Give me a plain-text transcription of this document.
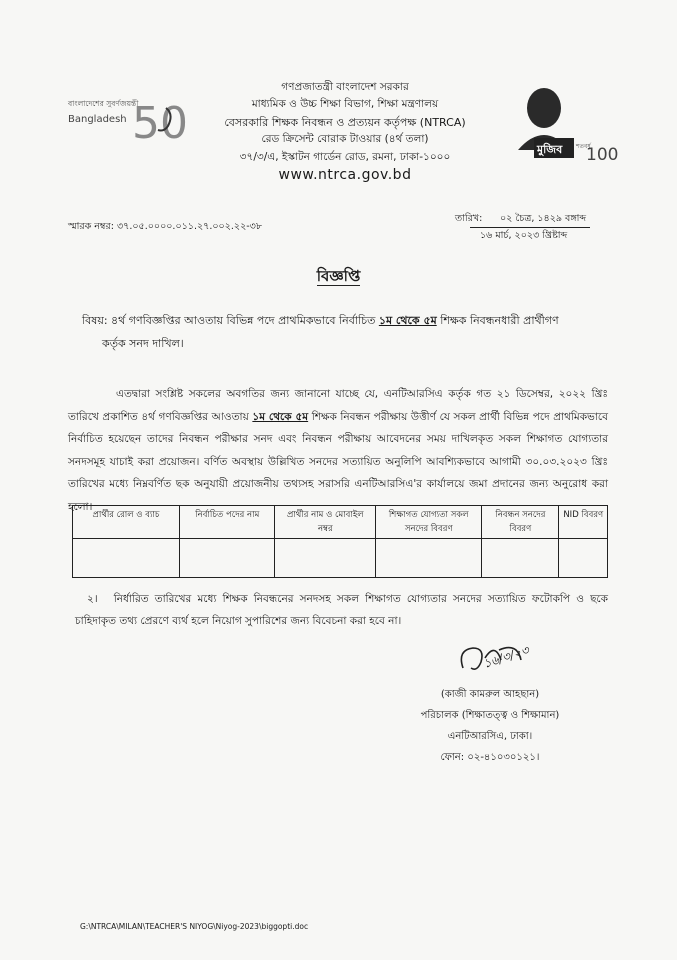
বাংলাদেশের সুবর্ণজয়ন্তী
Bangladesh 50
গণপ্রজাতন্ত্রী বাংলাদেশ সরকার
মাধ্যমিক ও উচ্চ শিক্ষা বিভাগ, শিক্ষা মন্ত্রণালয়
বেসরকারি শিক্ষক নিবন্ধন ও প্রত্যয়ন কর্তৃপক্ষ (NTRCA)
রেড ক্রিসেন্ট বোরাক টাওয়ার (৪র্থ তলা)
৩৭/৩/এ, ইস্কাটন গার্ডেন রোড, রমনা, ঢাকা-১০০০
www.ntrca.gov.bd
মুজিব শতবর্ষ
100
স্মারক নম্বর: ৩৭.০৫.০০০০.০১১.২৭.০০২.২২-৩৮
তারিখ: ০২ চৈত্র, ১৪২৯ বঙ্গাব্দ
১৬ মার্চ, ২০২৩ খ্রিষ্টাব্দ
বিজ্ঞপ্তি
বিষয়: ৪র্থ গণবিজ্ঞপ্তির আওতায় বিভিন্ন পদে প্রাথমিকভাবে নির্বাচিত ১ম থেকে ৫ম শিক্ষক নিবন্ধনধারী প্রার্থীগণ
কর্তৃক সনদ দাখিল।
এতদ্বারা সংশ্লিষ্ট সকলের অবগতির জন্য জানানো যাচ্ছে যে, এনটিআরসিএ কর্তৃক গত ২১ ডিসেম্বর, ২০২২ খ্রিঃ তারিখে প্রকাশিত ৪র্থ গণবিজ্ঞপ্তির আওতায় ১ম থেকে ৫ম শিক্ষক নিবন্ধন পরীক্ষায় উত্তীর্ণ যে সকল প্রার্থী বিভিন্ন পদে প্রাথমিকভাবে নির্বাচিত হয়েছেন তাদের নিবন্ধন পরীক্ষার সনদ এবং নিবন্ধন পরীক্ষায় আবেদনের সময় দাখিলকৃত সকল শিক্ষাগত যোগ্যতার সনদসমূহ যাচাই করা প্রয়োজন। বর্ণিত অবস্থায় উল্লিখিত সনদের সত্যায়িত অনুলিপি আবশ্যিকভাবে আগামী ৩০.০৩.২০২৩ খ্রিঃ তারিখের মধ্যে নিম্নবর্ণিত ছক অনুযায়ী প্রয়োজনীয় তথ্যসহ সরাসরি এনটিআরসিএ'র কার্যালয়ে জমা প্রদানের জন্য অনুরোধ করা হলো।
প্রার্থীর রোল ও ব্যাচ	নির্বাচিত পদের নাম	প্রার্থীর নাম ও মোবাইল নম্বর	শিক্ষাগত যোগ্যতা সকল সনদের বিবরণ	নিবন্ধন সনদের বিবরণ	NID বিবরণ

২। নির্ধারিত তারিখের মধ্যে শিক্ষক নিবন্ধনের সনদসহ সকল শিক্ষাগত যোগ্যতার সনদের সত্যায়িত ফটোকপি ও ছকে চাহিদাকৃত তথ্য প্রেরণে ব্যর্থ হলে নিয়োগ সুপারিশের জন্য বিবেচনা করা হবে না।
১৬/৩/২৩
(কাজী কামরুল আহছান)
পরিচালক (শিক্ষাতত্ত্ব ও শিক্ষামান)
এনটিআরসিএ, ঢাকা।
ফোন: ০২-৪১০৩০১২১।
G:\NTRCA\MILAN\TEACHER'S NIYOG\Niyog-2023\biggopti.doc
